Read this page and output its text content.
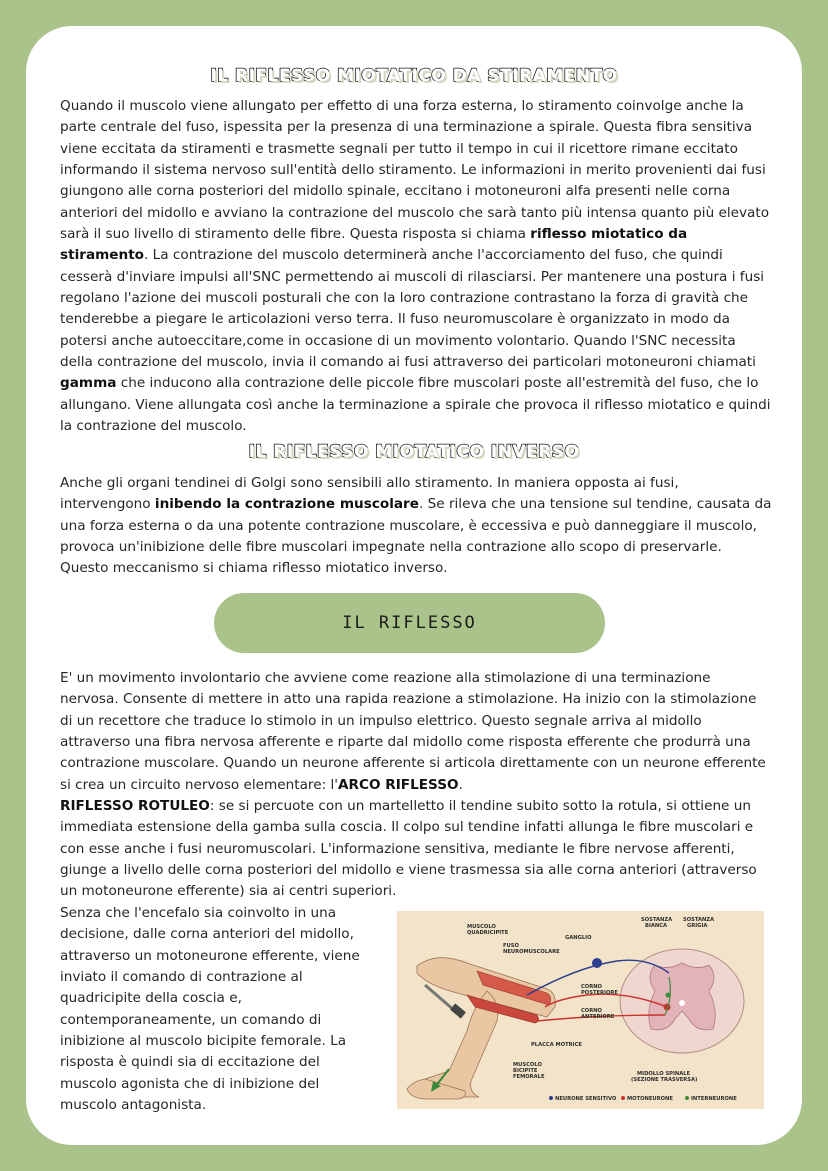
IL RIFLESSO MIOTATICO DA STIRAMENTO

Quando il muscolo viene allungato per effetto di una forza esterna, lo stiramento coinvolge anche la parte centrale del fuso, ispessita per la presenza di una terminazione a spirale. Questa fibra sensitiva viene eccitata da stiramenti e trasmette segnali per tutto il tempo in cui il ricettore rimane eccitato informando il sistema nervoso sull'entità dello stiramento. Le informazioni in merito provenienti dai fusi giungono alle corna posteriori del midollo spinale, eccitano i motoneuroni alfa presenti nelle corna anteriori del midollo e avviano la contrazione del muscolo che sarà tanto più intensa quanto più elevato sarà il suo livello di stiramento delle fibre. Questa risposta si chiama riflesso miotatico da stiramento. La contrazione del muscolo determinerà anche l'accorciamento del fuso, che quindi cesserà d'inviare impulsi all'SNC permettendo ai muscoli di rilasciarsi. Per mantenere una postura i fusi regolano l'azione dei muscoli posturali che con la loro contrazione contrastano la forza di gravità che tenderebbe a piegare le articolazioni verso terra. Il fuso neuromuscolare è organizzato in modo da potersi anche autoeccitare,come in occasione di un movimento volontario. Quando l'SNC necessita della contrazione del muscolo, invia il comando ai fusi attraverso dei particolari motoneuroni chiamati gamma che inducono alla contrazione delle piccole fibre muscolari poste all'estremità del fuso, che lo allungano. Viene allungata così anche la terminazione a spirale che provoca il riflesso miotatico e quindi la contrazione del muscolo.

IL RIFLESSO MIOTATICO INVERSO

Anche gli organi tendinei di Golgi sono sensibili allo stiramento. In maniera opposta ai fusi, intervengono inibendo la contrazione muscolare. Se rileva che una tensione sul tendine, causata da una forza esterna o da una potente contrazione muscolare, è eccessiva e può danneggiare il muscolo, provoca un'inibizione delle fibre muscolari impegnate nella contrazione allo scopo di preservarle. Questo meccanismo si chiama riflesso miotatico inverso.

IL RIFLESSO

E' un movimento involontario che avviene come reazione alla stimolazione di una terminazione nervosa. Consente di mettere in atto una rapida reazione a stimolazione. Ha inizio con la stimolazione di un recettore che traduce lo stimolo in un impulso elettrico. Questo segnale arriva al midollo attraverso una fibra nervosa afferente e riparte dal midollo come risposta efferente che produrrà una contrazione muscolare. Quando un neurone afferente si articola direttamente con un neurone efferente si crea un circuito nervoso elementare: l'ARCO RIFLESSO.
RIFLESSO ROTULEO: se si percuote con un martelletto il tendine subito sotto la rotula, si ottiene un immediata estensione della gamba sulla coscia. Il colpo sul tendine infatti allunga le fibre muscolari e con esse anche i fusi neuromuscolari. L'informazione sensitiva, mediante le fibre nervose afferenti, giunge a livello delle corna posteriori del midollo e viene trasmessa sia alle corna anteriori (attraverso un motoneurone efferente) sia ai centri superiori.

Senza che l'encefalo sia coinvolto in una decisione, dalle corna anteriori del midollo, attraverso un motoneurone efferente, viene inviato il comando di contrazione al quadricipite della coscia e, contemporaneamente, un comando di inibizione al muscolo bicipite femorale. La risposta è quindi sia di eccitazione del muscolo agonista che di inibizione del muscolo antagonista.

MUSCOLO
QUADRICIPITE
FUSO
NEUROMUSCOLARE
GANGLIO
SOSTANZA
BIANCA
SOSTANZA
GRIGIA
CORNO
POSTERIORE
CORNO
ANTERIORE
PLACCA MOTRICE
MUSCOLO
BICIPITE
FEMORALE	MIDOLLO SPINALE
(SEZIONE TRASVERSA)
NEURONE SENSITIVO MOTONEURONE	INTERNEURONE
